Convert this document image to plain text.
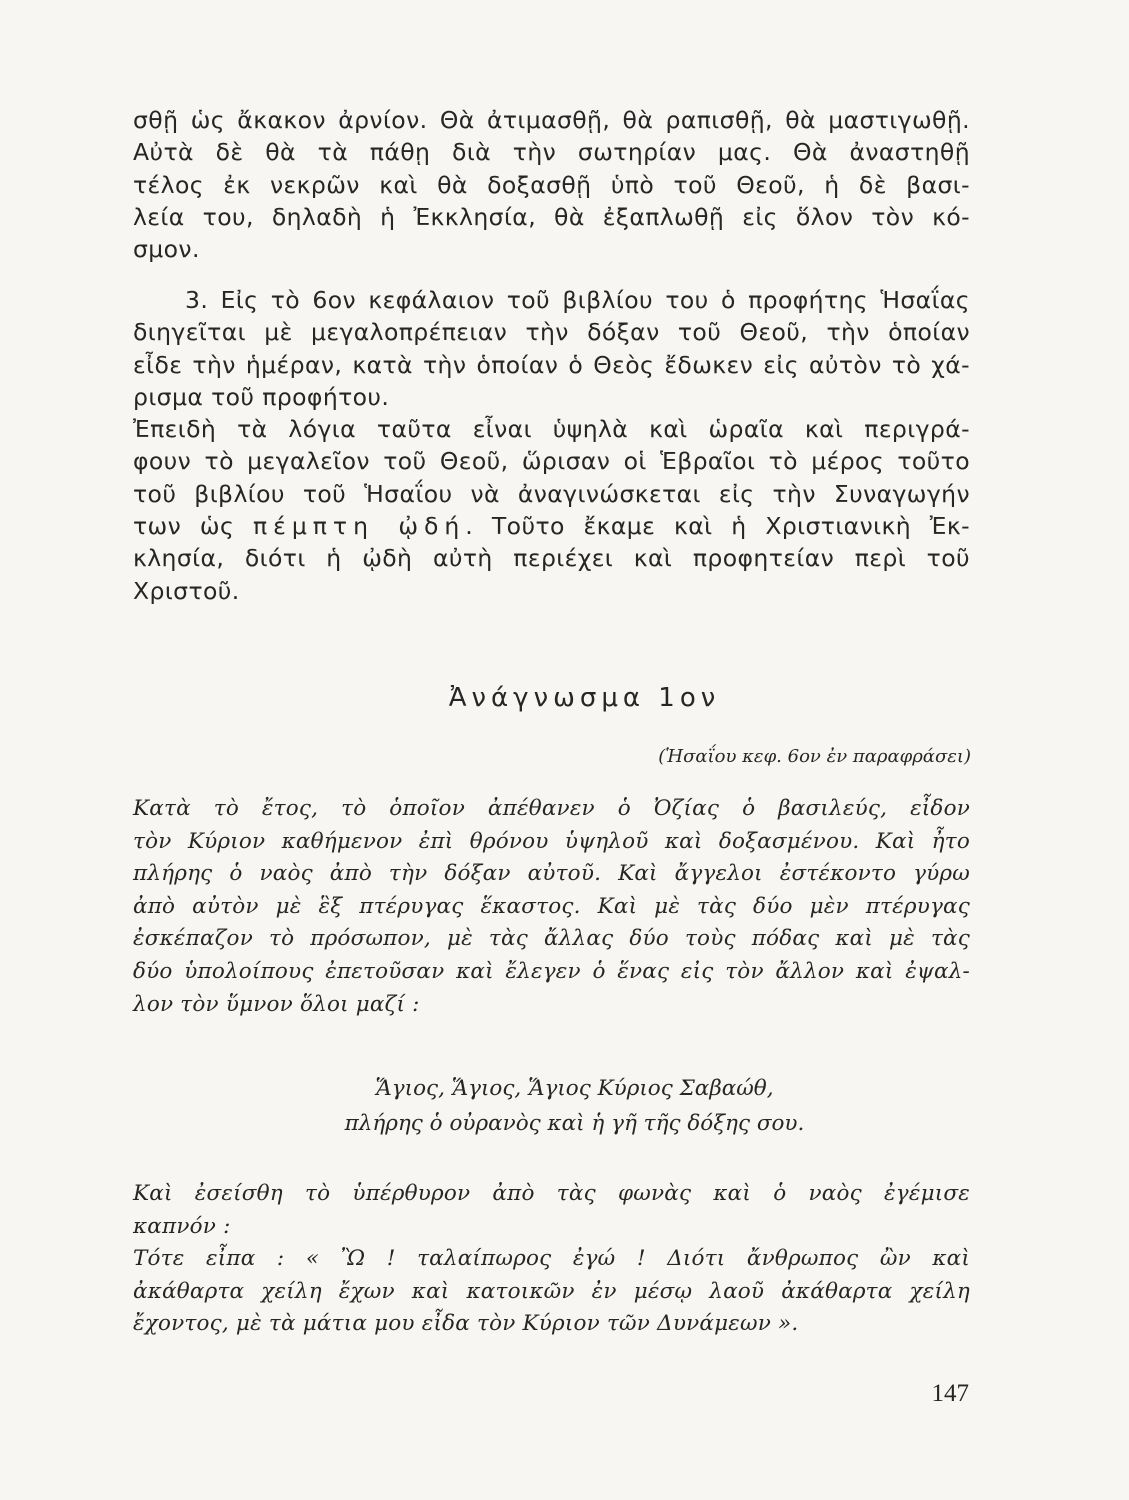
σθῇ ὡς ἄκακον ἀρνίον. Θὰ ἀτιμασθῇ, θὰ ραπισθῇ, θὰ μαστιγωθῇ.
Αὐτὰ δὲ θὰ τὰ πάθῃ διὰ τὴν σωτηρίαν μας. Θὰ ἀναστηθῇ
τέλος ἐκ νεκρῶν καὶ θὰ δοξασθῇ ὑπὸ τοῦ Θεοῦ, ἡ δὲ βασι-
λεία του, δηλαδὴ ἡ Ἐκκλησία, θὰ ἐξαπλωθῇ εἰς ὅλον τὸν κό-
σμον.
3. Εἰς τὸ 6ον κεφάλαιον τοῦ βιβλίου του ὁ προφήτης Ἡσαΐας
διηγεῖται μὲ μεγαλοπρέπειαν τὴν δόξαν τοῦ Θεοῦ, τὴν ὁποίαν
εἶδε τὴν ἡμέραν, κατὰ τὴν ὁποίαν ὁ Θεὸς ἔδωκεν εἰς αὐτὸν τὸ χά-
ρισμα τοῦ προφήτου.
Ἐπειδὴ τὰ λόγια ταῦτα εἶναι ὑψηλὰ καὶ ὡραῖα καὶ περιγρά-
φουν τὸ μεγαλεῖον τοῦ Θεοῦ, ὥρισαν οἱ Ἑβραῖοι τὸ μέρος τοῦτο
τοῦ βιβλίου τοῦ Ἡσαΐου νὰ ἀναγινώσκεται εἰς τὴν Συναγωγήν
των ὡς πέμπτη ᾠδή. Τοῦτο ἔκαμε καὶ ἡ Χριστιανικὴ Ἐκ-
κλησία, διότι ἡ ᾠδὴ αὐτὴ περιέχει καὶ προφητείαν περὶ τοῦ
Χριστοῦ.
Ἀνάγνωσμα 1ον
(Ἡσαΐου κεφ. 6ον ἐν παραφράσει)
Κατὰ τὸ ἔτος, τὸ ὁποῖον ἀπέθανεν ὁ Ὀζίας ὁ βασιλεύς, εἶδον
τὸν Κύριον καθήμενον ἐπὶ θρόνου ὑψηλοῦ καὶ δοξασμένου. Καὶ ἦτο
πλήρης ὁ ναὸς ἀπὸ τὴν δόξαν αὐτοῦ. Καὶ ἄγγελοι ἐστέκοντο γύρω
ἀπὸ αὐτὸν μὲ ἓξ πτέρυγας ἕκαστος. Καὶ μὲ τὰς δύο μὲν πτέρυγας
ἐσκέπαζον τὸ πρόσωπον, μὲ τὰς ἄλλας δύο τοὺς πόδας καὶ μὲ τὰς
δύο ὑπολοίπους ἐπετοῦσαν καὶ ἔλεγεν ὁ ἕνας εἰς τὸν ἄλλον καὶ ἐψαλ-
λον τὸν ὕμνον ὅλοι μαζί :
Ἅγιος, Ἅγιος, Ἅγιος Κύριος Σαβαώθ,
πλήρης ὁ οὐρανὸς καὶ ἡ γῆ τῆς δόξης σου.
Καὶ ἐσείσθη τὸ ὑπέρθυρον ἀπὸ τὰς φωνὰς καὶ ὁ ναὸς ἐγέμισε
καπνόν :
Τότε εἶπα : « Ὢ ! ταλαίπωρος ἐγώ ! Διότι ἄνθρωπος ὢν καὶ
ἀκάθαρτα χείλη ἔχων καὶ κατοικῶν ἐν μέσῳ λαοῦ ἀκάθαρτα χείλη
ἔχοντος, μὲ τὰ μάτια μου εἶδα τὸν Κύριον τῶν Δυνάμεων ».
147
